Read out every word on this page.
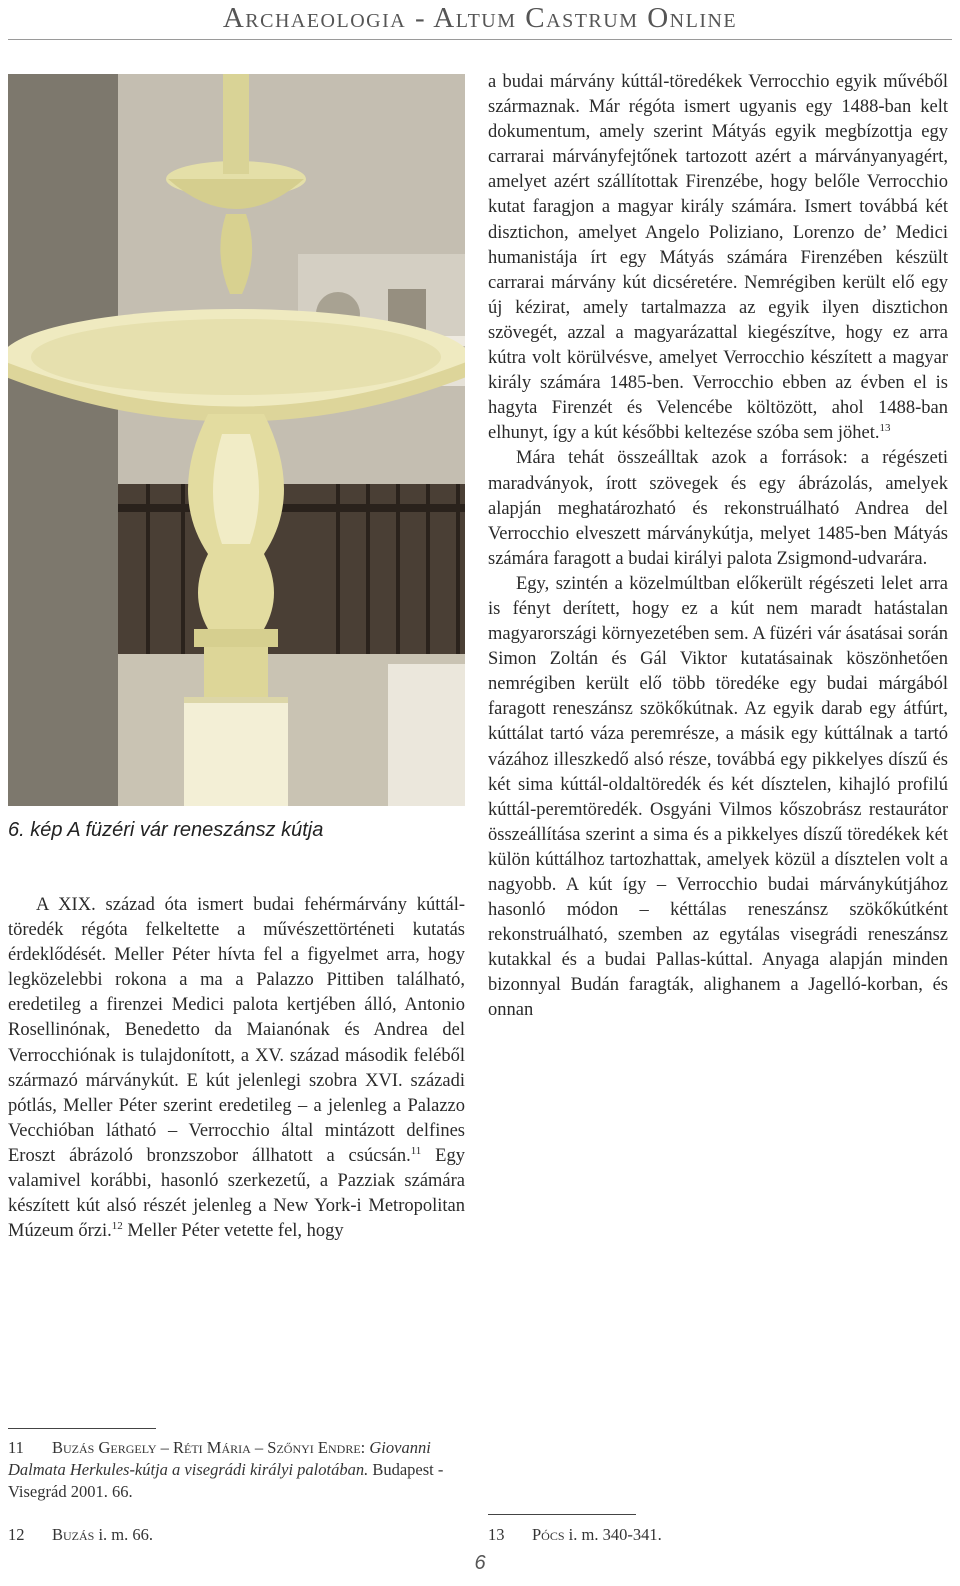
Archaeologia - Altum Castrum Online
6. kép A füzéri vár reneszánsz kútja

A XIX. század óta ismert budai fehérmárvány kúttál-töredék régóta felkeltette a művészettörténeti kutatás érdeklődését. Meller Péter hívta fel a figyelmet arra, hogy legközelebbi rokona a ma a Palazzo Pittiben található, eredetileg a firenzei Medici palota kertjében álló, Antonio Rosellinónak, Benedetto da Maianónak és Andrea del Verrocchiónak is tulajdonított, a XV. század második feléből származó márványkút. E kút jelenlegi szobra XVI. századi pótlás, Meller Péter szerint eredetileg – a jelenleg a Palazzo Vecchióban látható – Verrocchio által mintázott delfines Eroszt ábrázoló bronzszobor állhatott a csúcsán.$^{11}$ Egy valamivel korábbi, hasonló szerkezetű, a Pazziak számára készített kút alsó részét jelenleg a New York-i Metropolitan Múzeum őrzi.$^{12}$ Meller Péter vetette fel, hogy

a budai márvány kúttál-töredékek Verrocchio egyik művéből származnak. Már régóta ismert ugyanis egy 1488-ban kelt dokumentum, amely szerint Mátyás egyik megbízottja egy carrarai márványfejtőnek tartozott azért a márványanyagért, amelyet azért szállítottak Firenzébe, hogy belőle Verrocchio kutat faragjon a magyar király számára. Ismert továbbá két disztichon, amelyet Angelo Poliziano, Lorenzo de’ Medici humanistája írt egy Mátyás számára Firenzében készült carrarai márvány kút dicséretére. Nemrégiben került elő egy új kézirat, amely tartalmazza az egyik ilyen disztichon szövegét, azzal a magyarázattal kiegészítve, hogy ez arra kútra volt körülvésve, amelyet Verrocchio készített a magyar király számára 1485-ben. Verrocchio ebben az évben el is hagyta Firenzét és Velencébe költözött, ahol 1488-ban elhunyt, így a kút későbbi keltezése szóba sem jöhet.$^{13}$

Mára tehát összeálltak azok a források: a régészeti maradványok, írott szövegek és egy ábrázolás, amelyek alapján meghatározható és rekonstruálható Andrea del Verrocchio elveszett márványkútja, melyet 1485-ben Mátyás számára faragott a budai királyi palota Zsigmond-udvarára.

Egy, szintén a közelmúltban előkerült régészeti lelet arra is fényt derített, hogy ez a kút nem maradt hatástalan magyarországi környezetében sem. A füzéri vár ásatásai során Simon Zoltán és Gál Viktor kutatásainak köszönhetően nemrégiben került elő több töredéke egy budai márgából faragott reneszánsz szökőkútnak. Az egyik darab egy átfúrt, kúttálat tartó váza peremrésze, a másik egy kúttálnak a tartó vázához illeszkedő alsó része, továbbá egy pikkelyes díszű és két sima kúttál-oldaltöredék és két dísztelen, kihajló profilú kúttál-peremtöredék. Osgyáni Vilmos kőszobrász restaurátor összeállítása szerint a sima és a pikkelyes díszű töredékek két külön kúttálhoz tartozhattak, amelyek közül a dísztelen volt a nagyobb. A kút így – Verrocchio budai márványkútjához hasonló módon – kéttálas reneszánsz szökőkútként rekonstruálható, szemben az egytálas visegrádi reneszánsz kutakkal és a budai Pallas-kúttal. Anyaga alapján minden bizonnyal Budán faragták, alighanem a Jagelló-korban, és onnan

11 Buzás Gergely – Réti Mária – Szőnyi Endre: Giovanni Dalmata Herkules-kútja a visegrádi királyi palotában. Budapest - Visegrád 2001. 66.
12 Buzás i. m. 66.	13 Pócs i. m. 340-341.
6
